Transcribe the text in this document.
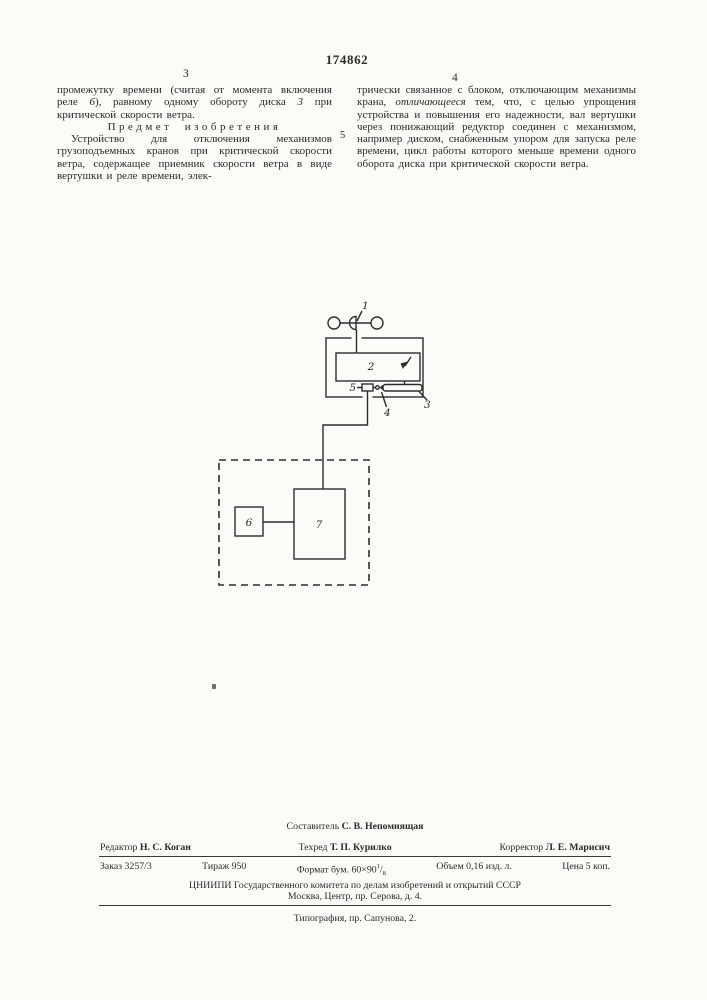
174862
3	4

промежутку времени (считая от момента включения реле 6), равному одному обороту диска 3 при критической скорости ветра.

Предмет изобретения

Устройство для отключения механизмов грузоподъемных кранов при критической скорости ветра, содержащее приемник скорости ветра в виде вертушки и реле времени, элек-

трически связанное с блоком, отключающим механизмы крана, отличающееся тем, что, с целью упрощения устройства и повышения его надежности, вал вертушки через понижающий редуктор соединен с механизмом, например диском, снабженным упором для запуска реле времени, цикл работы которого меньше времени одного оборота диска при критической скорости ветра.

5
1
2
5
4
3
6	7
Составитель С. В. Непомнящая
Редактор Н. С. Коган	Техред Т. П. Курилко	Корректор Л. Е. Марисич
Заказ 3257/3	Тираж 950	Формат бум. $60\times 90^1/_8$
Объем 0,16 изд. л.	Цена 5 коп.
ЦНИИПИ Государственного комитета по делам изобретений и открытий СССР
Москва, Центр, пр. Серова, д. 4.
Типография, пр. Сапунова, 2.
